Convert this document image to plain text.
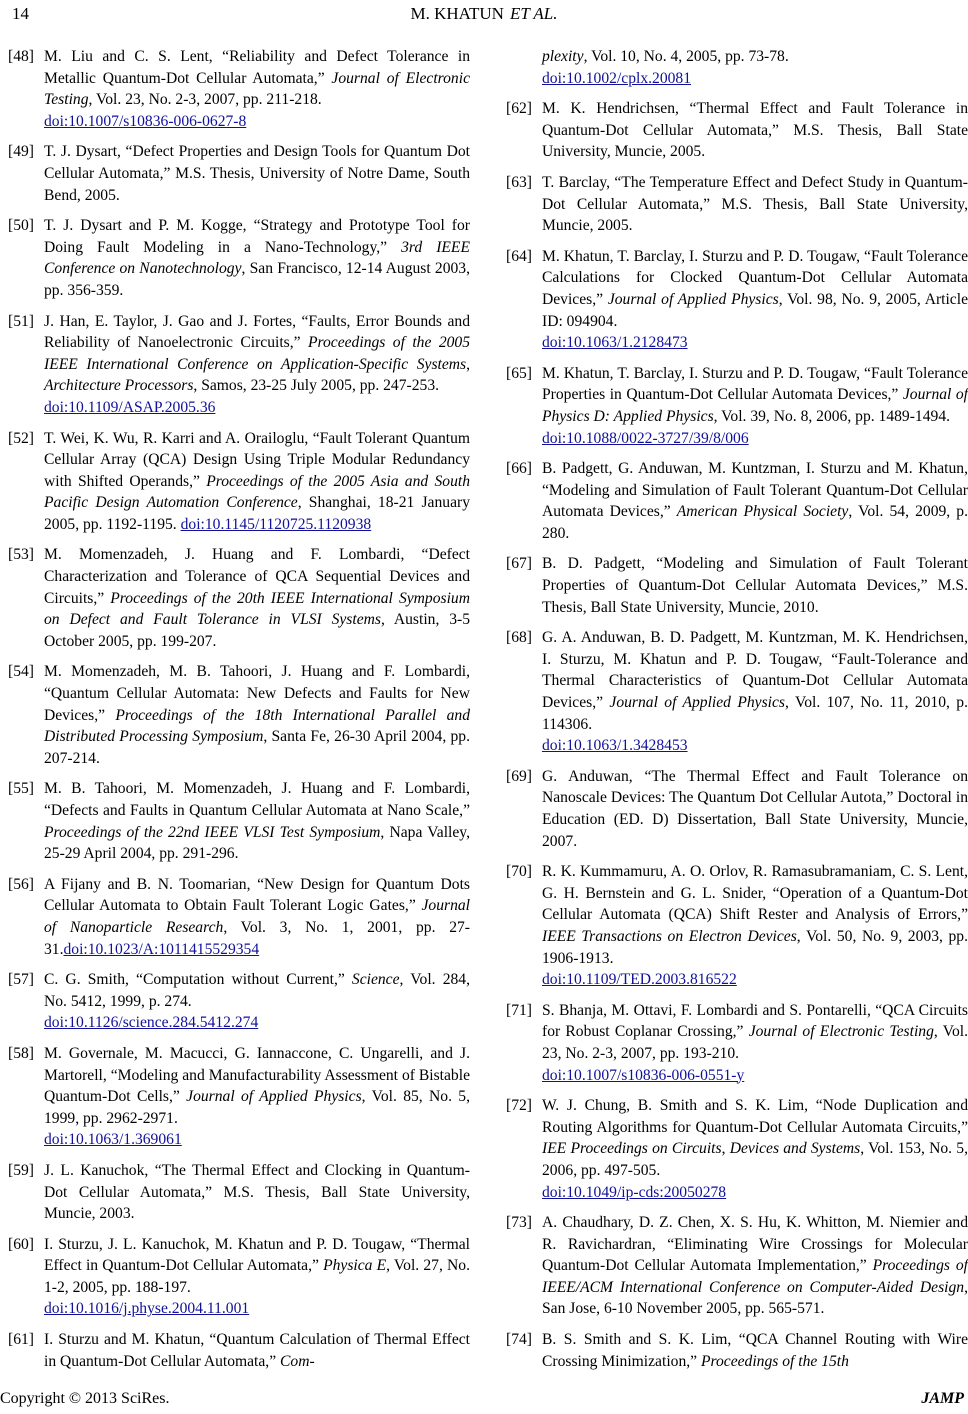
14	M. KHATUN ET AL.
[48] M. Liu and C. S. Lent, “Reliability and Defect Tolerance in Metallic Quantum-Dot Cellular Automata,” Journal of Electronic Testing, Vol. 23, No. 2-3, 2007, pp. 211-218.
doi:10.1007/s10836-006-0627-8
[49] T. J. Dysart, “Defect Properties and Design Tools for Quantum Dot Cellular Automata,” M.S. Thesis, University of Notre Dame, South Bend, 2005.
[50] T. J. Dysart and P. M. Kogge, “Strategy and Prototype Tool for Doing Fault Modeling in a Nano-Technology,” 3rd IEEE Conference on Nanotechnology, San Francisco, 12-14 August 2003, pp. 356-359.
[51] J. Han, E. Taylor, J. Gao and J. Fortes, “Faults, Error Bounds and Reliability of Nanoelectronic Circuits,” Proceedings of the 2005 IEEE International Conference on Application-Specific Systems, Architecture Processors, Samos, 23-25 July 2005, pp. 247-253.
doi:10.1109/ASAP.2005.36
[52] T. Wei, K. Wu, R. Karri and A. Orailoglu, “Fault Tolerant Quantum Cellular Array (QCA) Design Using Triple Modular Redundancy with Shifted Operands,” Proceedings of the 2005 Asia and South Pacific Design Automation Conference, Shanghai, 18-21 January 2005, pp. 1192-1195. doi:10.1145/1120725.1120938
[53] M. Momenzadeh, J. Huang and F. Lombardi, “Defect Characterization and Tolerance of QCA Sequential Devices and Circuits,” Proceedings of the 20th IEEE International Symposium on Defect and Fault Tolerance in VLSI Systems, Austin, 3-5 October 2005, pp. 199-207.
[54] M. Momenzadeh, M. B. Tahoori, J. Huang and F. Lombardi, “Quantum Cellular Automata: New Defects and Faults for New Devices,” Proceedings of the 18th International Parallel and Distributed Processing Symposium, Santa Fe, 26-30 April 2004, pp. 207-214.
[55] M. B. Tahoori, M. Momenzadeh, J. Huang and F. Lombardi, “Defects and Faults in Quantum Cellular Automata at Nano Scale,” Proceedings of the 22nd IEEE VLSI Test Symposium, Napa Valley, 25-29 April 2004, pp. 291-296.
[56] A Fijany and B. N. Toomarian, “New Design for Quantum Dots Cellular Automata to Obtain Fault Tolerant Logic Gates,” Journal of Nanoparticle Research, Vol. 3, No. 1, 2001, pp. 27-31.doi:10.1023/A:1011415529354
[57] C. G. Smith, “Computation without Current,” Science, Vol. 284, No. 5412, 1999, p. 274.
doi:10.1126/science.284.5412.274
[58] M. Governale, M. Macucci, G. Iannaccone, C. Ungarelli, and J. Martorell, “Modeling and Manufacturability Assessment of Bistable Quantum-Dot Cells,” Journal of Applied Physics, Vol. 85, No. 5, 1999, pp. 2962-2971.
doi:10.1063/1.369061
[59] J. L. Kanuchok, “The Thermal Effect and Clocking in Quantum-Dot Cellular Automata,” M.S. Thesis, Ball State University, Muncie, 2003.
[60] I. Sturzu, J. L. Kanuchok, M. Khatun and P. D. Tougaw, “Thermal Effect in Quantum-Dot Cellular Automata,” Physica E, Vol. 27, No. 1-2, 2005, pp. 188-197.
doi:10.1016/j.physe.2004.11.001
[61] I. Sturzu and M. Khatun, “Quantum Calculation of Thermal Effect in Quantum-Dot Cellular Automata,” Com-
plexity, Vol. 10, No. 4, 2005, pp. 73-78.
doi:10.1002/cplx.20081
[62] M. K. Hendrichsen, “Thermal Effect and Fault Tolerance in Quantum-Dot Cellular Automata,” M.S. Thesis, Ball State University, Muncie, 2005.
[63] T. Barclay, “The Temperature Effect and Defect Study in Quantum-Dot Cellular Automata,” M.S. Thesis, Ball State University, Muncie, 2005.
[64] M. Khatun, T. Barclay, I. Sturzu and P. D. Tougaw, “Fault Tolerance Calculations for Clocked Quantum-Dot Cellular Automata Devices,” Journal of Applied Physics, Vol. 98, No. 9, 2005, Article ID: 094904.
doi:10.1063/1.2128473
[65] M. Khatun, T. Barclay, I. Sturzu and P. D. Tougaw, “Fault Tolerance Properties in Quantum-Dot Cellular Automata Devices,” Journal of Physics D: Applied Physics, Vol. 39, No. 8, 2006, pp. 1489-1494.
doi:10.1088/0022-3727/39/8/006
[66] B. Padgett, G. Anduwan, M. Kuntzman, I. Sturzu and M. Khatun, “Modeling and Simulation of Fault Tolerant Quantum-Dot Cellular Automata Devices,” American Physical Society, Vol. 54, 2009, p. 280.
[67] B. D. Padgett, “Modeling and Simulation of Fault Tolerant Properties of Quantum-Dot Cellular Automata Devices,” M.S. Thesis, Ball State University, Muncie, 2010.
[68] G. A. Anduwan, B. D. Padgett, M. Kuntzman, M. K. Hendrichsen, I. Sturzu, M. Khatun and P. D. Tougaw, “Fault-Tolerance and Thermal Characteristics of Quantum-Dot Cellular Automata Devices,” Journal of Applied Physics, Vol. 107, No. 11, 2010, p. 114306.
doi:10.1063/1.3428453
[69] G. Anduwan, “The Thermal Effect and Fault Tolerance on Nanoscale Devices: The Quantum Dot Cellular Autota,” Doctoral in Education (ED. D) Dissertation, Ball State University, Muncie, 2007.
[70] R. K. Kummamuru, A. O. Orlov, R. Ramasubramaniam, C. S. Lent, G. H. Bernstein and G. L. Snider, “Operation of a Quantum-Dot Cellular Automata (QCA) Shift Rester and Analysis of Errors,” IEEE Transactions on Electron Devices, Vol. 50, No. 9, 2003, pp. 1906-1913.
doi:10.1109/TED.2003.816522
[71] S. Bhanja, M. Ottavi, F. Lombardi and S. Pontarelli, “QCA Circuits for Robust Coplanar Crossing,” Journal of Electronic Testing, Vol. 23, No. 2-3, 2007, pp. 193-210.
doi:10.1007/s10836-006-0551-y
[72] W. J. Chung, B. Smith and S. K. Lim, “Node Duplication and Routing Algorithms for Quantum-Dot Cellular Automata Circuits,” IEE Proceedings on Circuits, Devices and Systems, Vol. 153, No. 5, 2006, pp. 497-505.
doi:10.1049/ip-cds:20050278
[73] A. Chaudhary, D. Z. Chen, X. S. Hu, K. Whitton, M. Niemier and R. Ravichardran, “Eliminating Wire Crossings for Molecular Quantum-Dot Cellular Automata Implementation,” Proceedings of IEEE/ACM International Conference on Computer-Aided Design, San Jose, 6-10 November 2005, pp. 565-571.
[74] B. S. Smith and S. K. Lim, “QCA Channel Routing with Wire Crossing Minimization,” Proceedings of the 15th
Copyright © 2013 SciRes.	JAMP
